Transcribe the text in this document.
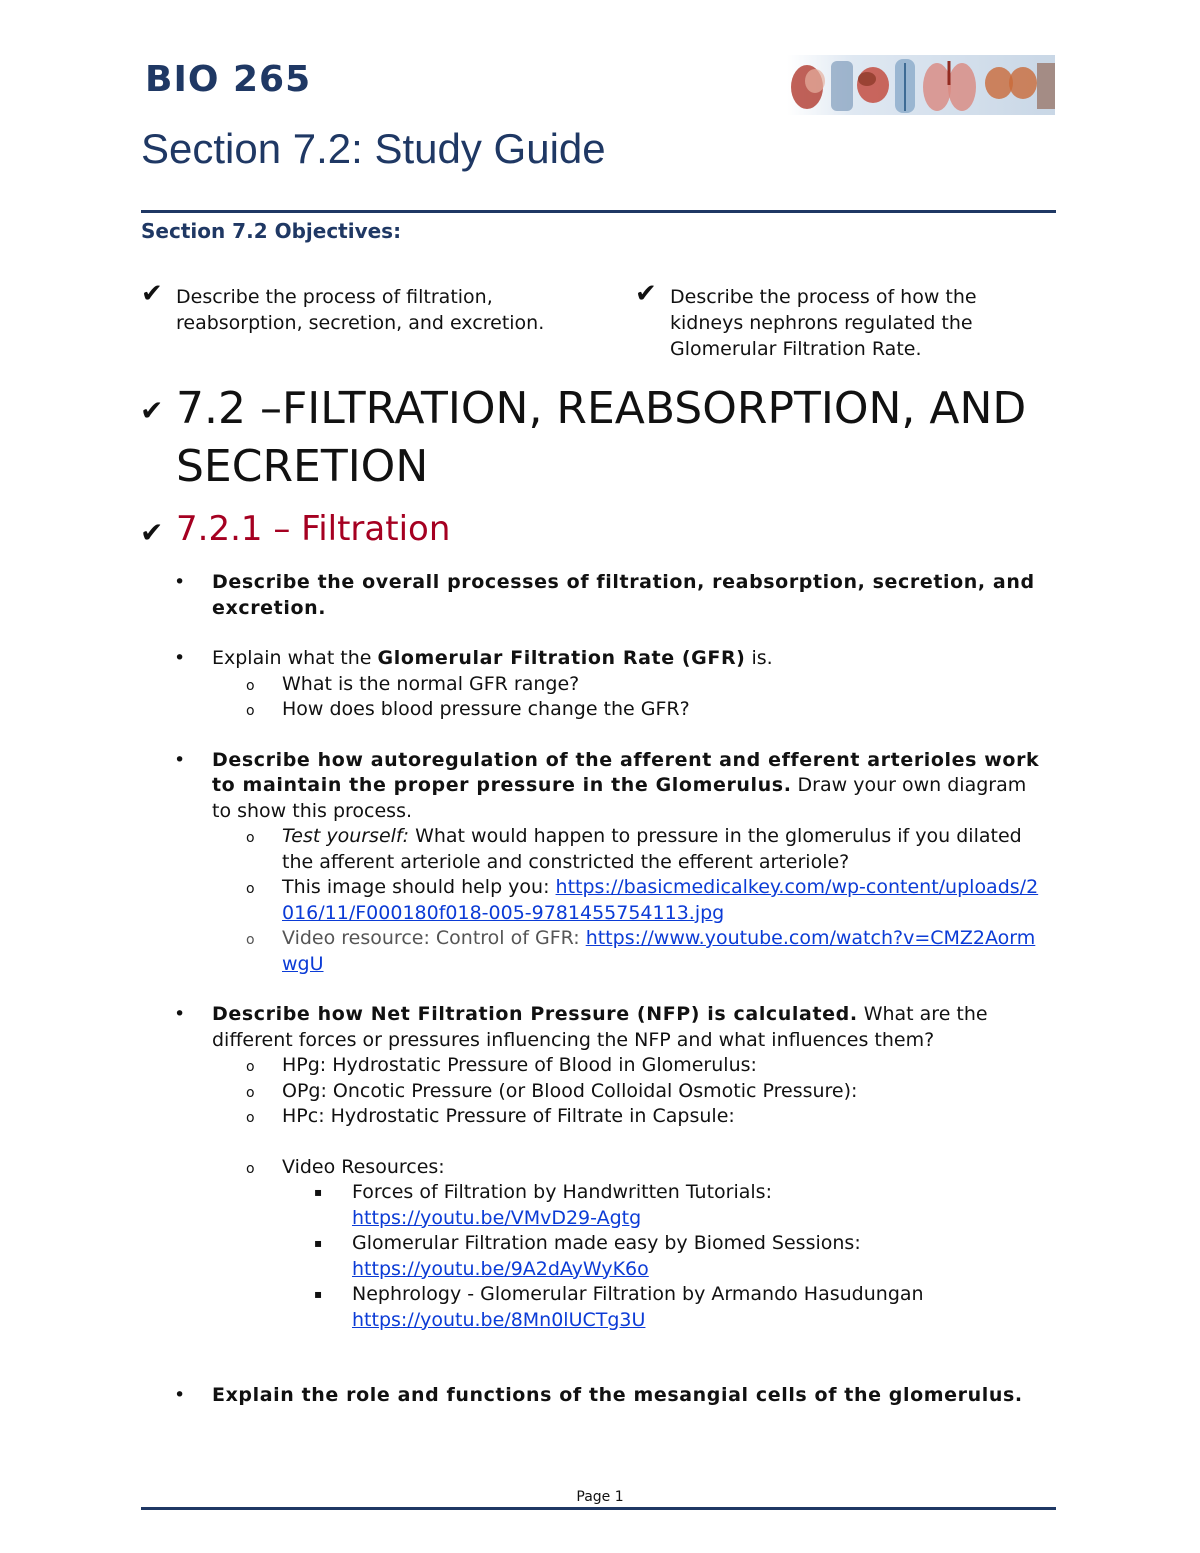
BIO 265
Section 7.2: Study Guide
Section 7.2 Objectives:
✔ Describe the process of filtration, reabsorption, secretion, and excretion.
✔ Describe the process of how the kidneys nephrons regulated the Glomerular Filtration Rate.
✔ 7.2 –FILTRATION, REABSORPTION, AND SECRETION
✔ 7.2.1 – Filtration
• Describe the overall processes of filtration, reabsorption, secretion, and excretion.
• Explain what the Glomerular Filtration Rate (GFR) is.
o What is the normal GFR range?
o How does blood pressure change the GFR?
• Describe how autoregulation of the afferent and efferent arterioles work to maintain the proper pressure in the Glomerulus. Draw your own diagram to show this process.
o Test yourself: What would happen to pressure in the glomerulus if you dilated the afferent arteriole and constricted the efferent arteriole?
o This image should help you: https://basicmedicalkey.com/wp-content/uploads/2016/11/F000180f018-005-9781455754113.jpg
o Video resource: Control of GFR: https://www.youtube.com/watch?v=CMZ2AormwgU
• Describe how Net Filtration Pressure (NFP) is calculated. What are the different forces or pressures influencing the NFP and what influences them?
o HPg: Hydrostatic Pressure of Blood in Glomerulus:
o OPg: Oncotic Pressure (or Blood Colloidal Osmotic Pressure):
o HPc: Hydrostatic Pressure of Filtrate in Capsule:
o Video Resources:
▪ Forces of Filtration by Handwritten Tutorials:
https://youtu.be/VMvD29-Agtg
▪ Glomerular Filtration made easy by Biomed Sessions:
https://youtu.be/9A2dAyWyK6o
▪ Nephrology - Glomerular Filtration by Armando Hasudungan
https://youtu.be/8Mn0lUCTg3U
• Explain the role and functions of the mesangial cells of the glomerulus.
Page 1
